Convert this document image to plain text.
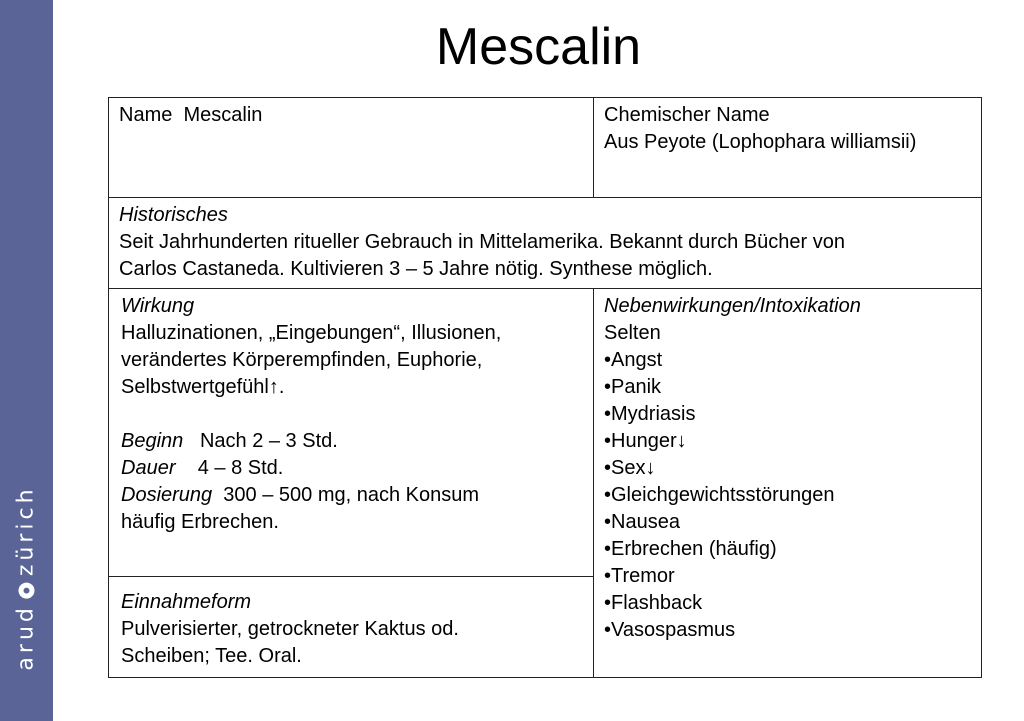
arud
zürich
Mescalin
Name  Mescalin	Chemischer Name
Aus Peyote (Lophophara williamsii)
Historisches
Seit Jahrhunderten ritueller Gebrauch in Mittelamerika. Bekannt durch Bücher von
Carlos Castaneda. Kultivieren 3 – 5 Jahre nötig. Synthese möglich.
Wirkung
Halluzinationen, „Eingebungen“, Illusionen,
verändertes Körperempfinden, Euphorie,
Selbstwertgefühl↑.
Beginn   Nach 2 – 3 Std.
Dauer    4 – 8 Std.
Dosierung  300 – 500 mg, nach Konsum
häufig Erbrechen.
Nebenwirkungen/Intoxikation
Selten
•Angst
•Panik
•Mydriasis
•Hunger↓
•Sex↓
•Gleichgewichtsstörungen
•Nausea
•Erbrechen (häufig)
•Tremor
•Flashback
•Vasospasmus
Einnahmeform
Pulverisierter, getrockneter Kaktus od.
Scheiben; Tee. Oral.
